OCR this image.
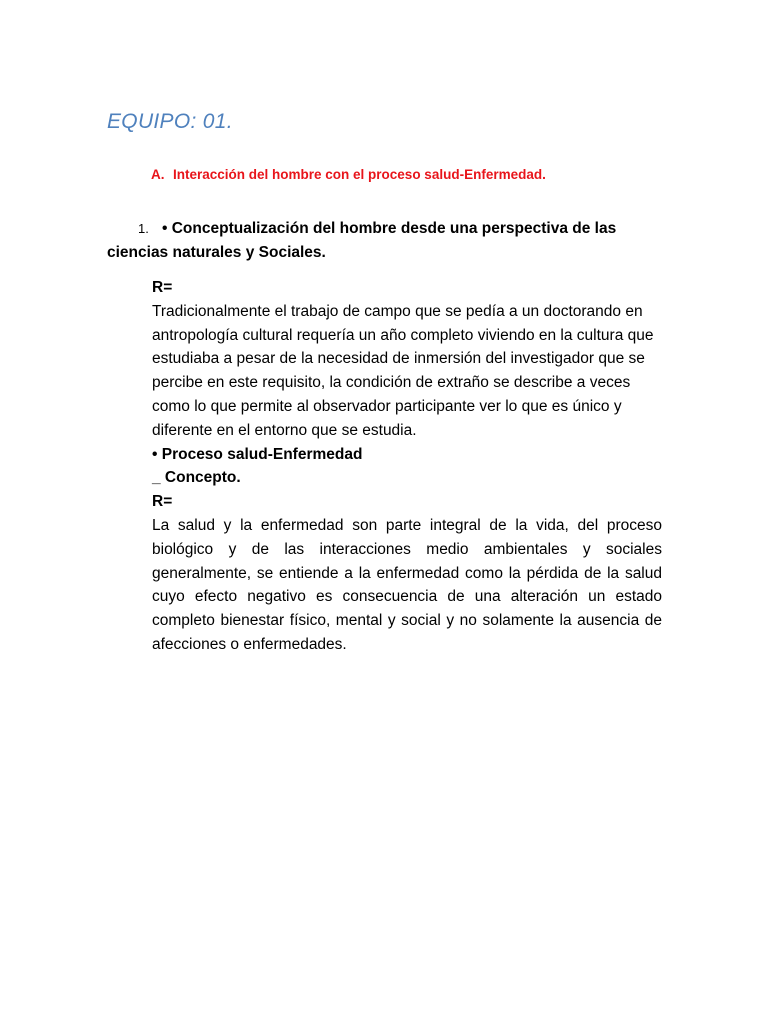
EQUIPO: 01.
A. Interacción del hombre con el proceso salud-Enfermedad.
1. • Conceptualización del hombre desde una perspectiva de las ciencias naturales y Sociales.

R=

Tradicionalmente el trabajo de campo que se pedía a un doctorando en antropología cultural requería un año completo viviendo en la cultura que estudiaba a pesar de la necesidad de inmersión del investigador que se percibe en este requisito, la condición de extraño se describe a veces como lo que permite al observador participante ver lo que es único y diferente en el entorno que se estudia.

• Proceso salud-Enfermedad

_ Concepto.

R=

La salud y la enfermedad son parte integral de la vida, del proceso biológico y de las interacciones medio ambientales y sociales generalmente, se entiende a la enfermedad como la pérdida de la salud cuyo efecto negativo es consecuencia de una alteración un estado completo bienestar físico, mental y social y no solamente la ausencia de afecciones o enfermedades.
